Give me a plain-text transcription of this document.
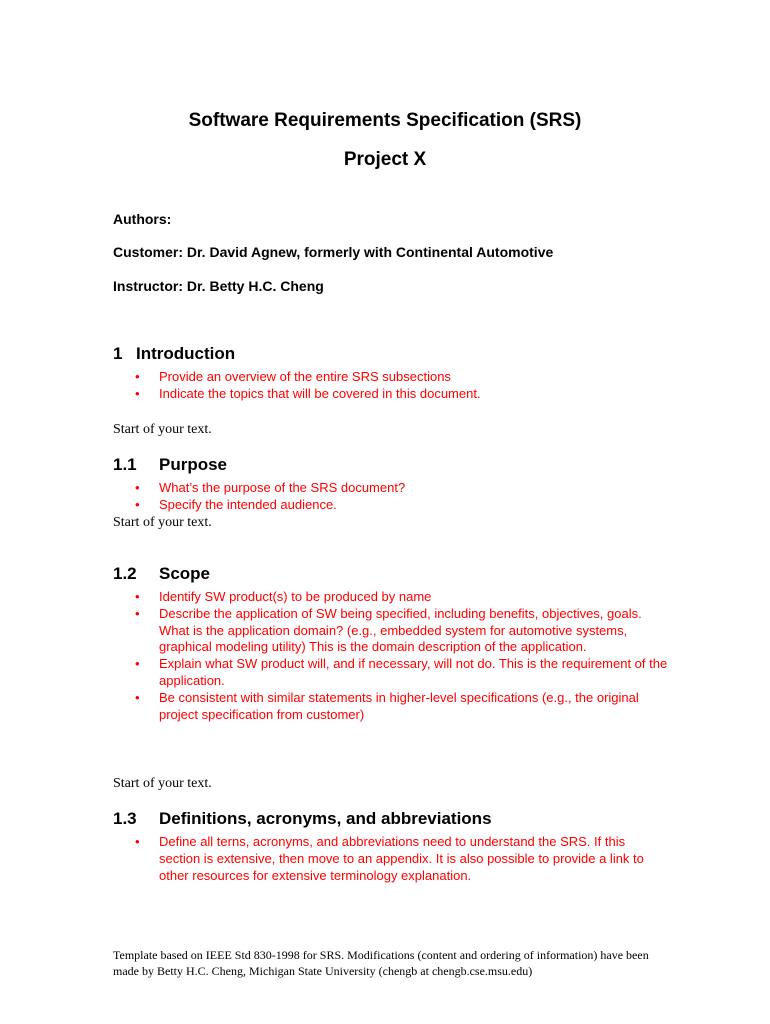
Software Requirements Specification (SRS)
Project X
Authors:
Customer: Dr. David Agnew, formerly with Continental Automotive
Instructor: Dr. Betty H.C. Cheng
1 Introduction
• Provide an overview of the entire SRS subsections
• Indicate the topics that will be covered in this document.
Start of your text.
1.1 Purpose
• What’s the purpose of the SRS document?
• Specify the intended audience.
Start of your text.
1.2 Scope
• Identify SW product(s) to be produced by name
• Describe the application of SW being specified, including benefits, objectives, goals. What is the application domain? (e.g., embedded system for automotive systems, graphical modeling utility) This is the domain description of the application.
• Explain what SW product will, and if necessary, will not do. This is the requirement of the application.
• Be consistent with similar statements in higher-level specifications (e.g., the original project specification from customer)
Start of your text.
1.3 Definitions, acronyms, and abbreviations
• Define all terns, acronyms, and abbreviations need to understand the SRS. If this section is extensive, then move to an appendix. It is also possible to provide a link to other resources for extensive terminology explanation.
Template based on IEEE Std 830-1998 for SRS. Modifications (content and ordering of information) have been made by Betty H.C. Cheng, Michigan State University (chengb at chengb.cse.msu.edu)
